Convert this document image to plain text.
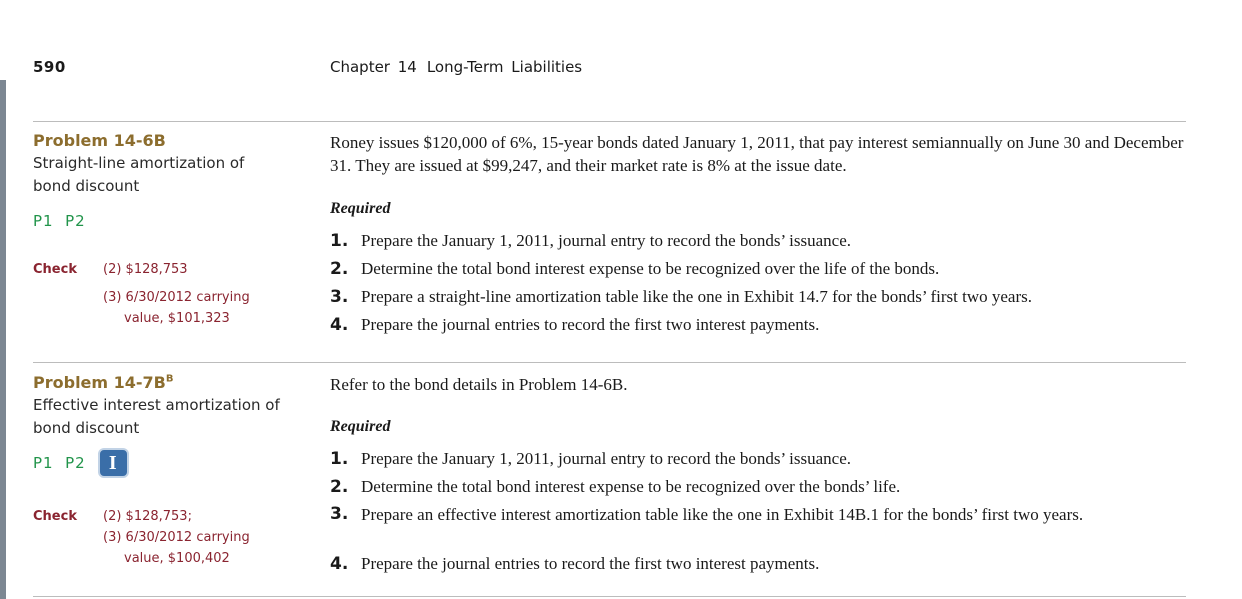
590	Chapter 14 Long-Term Liabilities
Problem 14-6B
Straight-line amortization of
bond discount
P1  P2
Check (2) $128,753
(3) 6/30/2012 carrying
value, $101,323
Roney issues $120,000 of 6%, 15-year bonds dated January 1, 2011, that pay interest semiannually on June 30 and December 31. They are issued at $99,247, and their market rate is 8% at the issue date.
Required
1. Prepare the January 1, 2011, journal entry to record the bonds’ issuance.
2. Determine the total bond interest expense to be recognized over the life of the bonds.
3. Prepare a straight-line amortization table like the one in Exhibit 14.7 for the bonds’ first two years.
4. Prepare the journal entries to record the first two interest payments.
Problem $14-7B^B$
Effective interest amortization of
bond discount
P1  P2	I
Check (2) $128,753;
(3) 6/30/2012 carrying
value, $100,402
Refer to the bond details in Problem 14-6B.
Required
1. Prepare the January 1, 2011, journal entry to record the bonds’ issuance.
2. Determine the total bond interest expense to be recognized over the bonds’ life.
3. Prepare an effective interest amortization table like the one in Exhibit 14B.1 for the bonds’ first two years.
4. Prepare the journal entries to record the first two interest payments.
